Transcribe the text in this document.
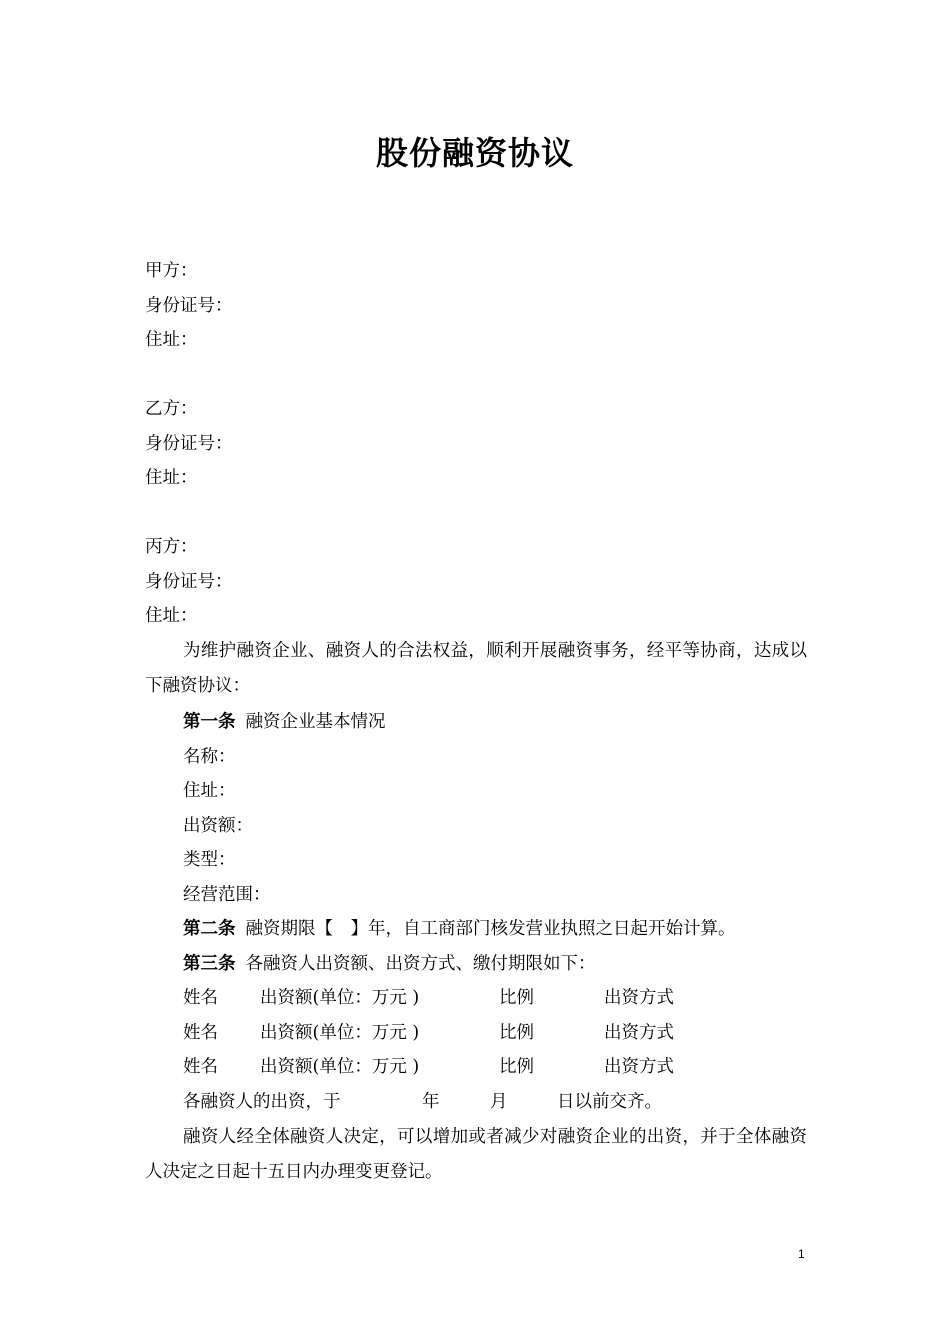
股份融资协议
甲方：
身份证号：
住址：
乙方：
身份证号：
住址：
丙方：
身份证号：
住址：
为维护融资企业、融资人的合法权益，顺利开展融资事务，经平等协商，达成以下融资协议：
第一条 融资企业基本情况
名称：
住址：
出资额：
类型：
经营范围：
第二条 融资期限【　】年，自工商部门核发营业执照之日起开始计算。
第三条 各融资人出资额、出资方式、缴付期限如下：
姓名 出资额(单位：万元 )	比例	出资方式
姓名 出资额(单位：万元 )	比例	出资方式
姓名 出资额(单位：万元 )	比例	出资方式
各融资人的出资，于	年	月	日以前交齐。
融资人经全体融资人决定，可以增加或者减少对融资企业的出资，并于全体融资人决定之日起十五日内办理变更登记。
1
